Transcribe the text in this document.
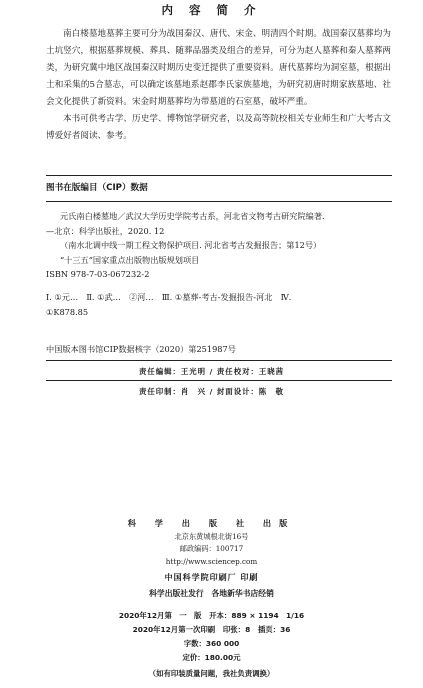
内 容 简 介

南白楼墓地墓葬主要可分为战国秦汉、唐代、宋金、明清四个时期。战国秦汉墓葬均为土坑竖穴，根据墓葬规模、葬具、随葬品器类及组合的差异，可分为赵人墓葬和秦人墓葬两类，为研究冀中地区战国秦汉时期历史变迁提供了重要资料。唐代墓葬均为洞室墓，根据出土和采集的5合墓志，可以确定该墓地系赵郡李氏家族墓地，为研究初唐时期家族墓地、社会文化提供了新资料。宋金时期墓葬均为带墓道的石室墓，破坏严重。

本书可供考古学、历史学、博物馆学研究者，以及高等院校相关专业师生和广大考古文博爱好者阅读、参考。

图书在版编目（CIP）数据
元氏南白楼墓地／武汉大学历史学院考古系，河北省文物考古研究院编著．
—北京：科学出版社，2020. 12
（南水北调中线一期工程文物保护项目. 河北省考古发掘报告；第12号）
“十三五”国家重点出版物出版规划项目
ISBN 978-7-03-067232-2
Ⅰ. ①元…　Ⅱ. ①武…　②河…　Ⅲ. ①墓葬-考古-发掘报告-河北　Ⅳ.
①K878.85
中国版本图书馆CIP数据核字（2020）第251987号
责任编辑：王光明 / 责任校对：王晓茜
责任印制：肖　兴 / 封面设计：陈　敬
科 学 出 版 社 出版
北京东黄城根北街16号
邮政编码：100717
http://www.sciencep.com
中国科学院印刷厂 印刷
科学出版社发行　各地新华书店经销
2020年12月第　一　版 开本：889 × 1194　1/16
2020年12月第一次印刷 印张：8 插页：36
字数：360 000
定价：180.00元
（如有印装质量问题，我社负责调换）
